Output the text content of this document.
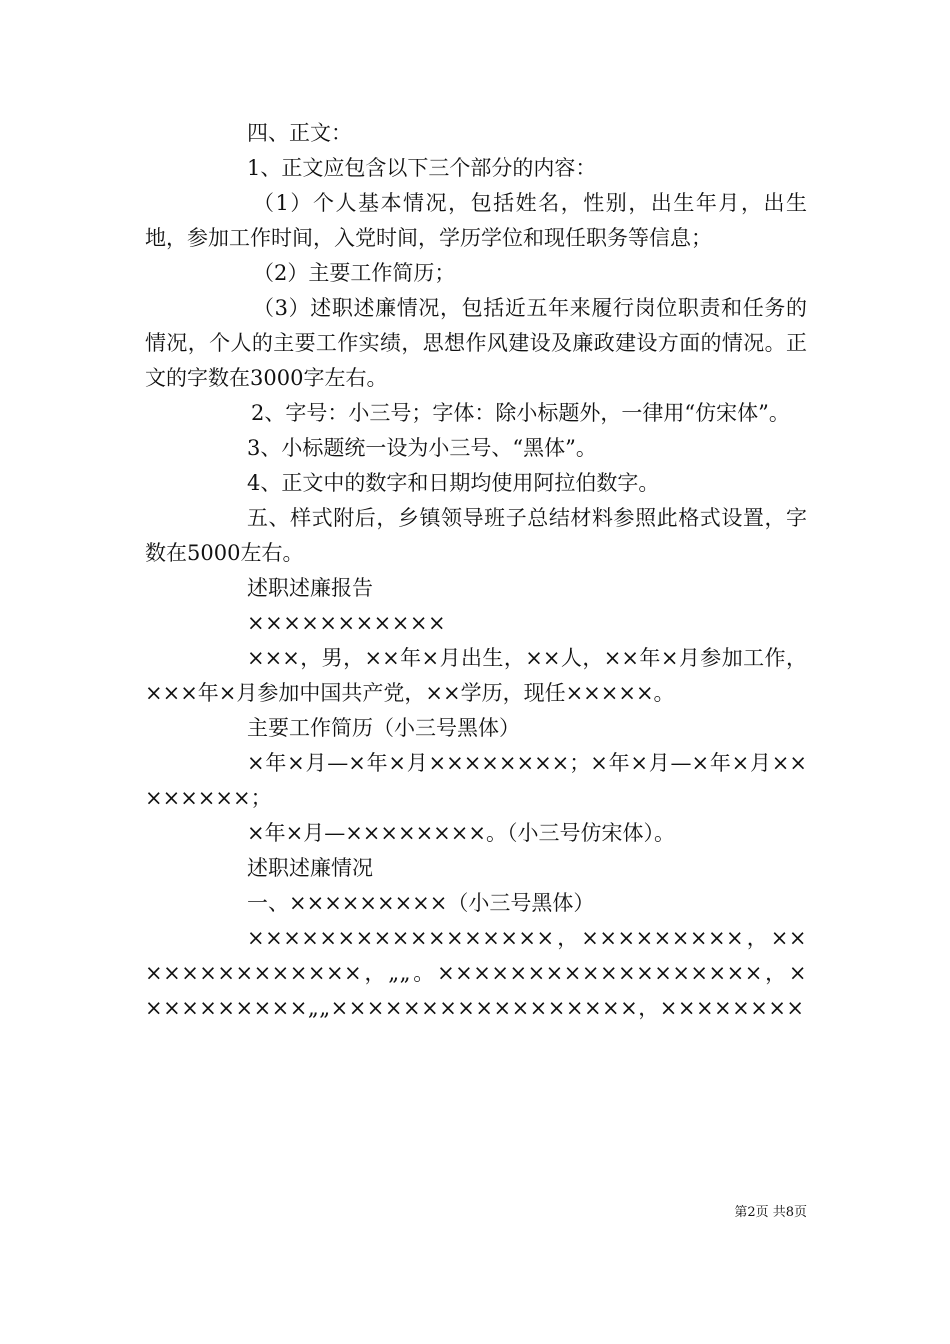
四、正文：

1、正文应包含以下三个部分的内容：

（1）个人基本情况，包括姓名，性别，出生年月，出生地，参加工作时间，入党时间，学历学位和现任职务等信息；

（2）主要工作简历；

（3）述职述廉情况，包括近五年来履行岗位职责和任务的情况，个人的主要工作实绩，思想作风建设及廉政建设方面的情况。正文的字数在3000字左右。

2、字号：小三号；字体：除小标题外，一律用“仿宋体”。

3、小标题统一设为小三号、“黑体”。

4、正文中的数字和日期均使用阿拉伯数字。

五、样式附后，乡镇领导班子总结材料参照此格式设置，字数在5000左右。

述职述廉报告

×××××××××××

×××，男，××年×月出生，××人，××年×月参加工作，×××年×月参加中国共产党，××学历，现任×××××。

主要工作简历（小三号黑体）

×年×月—×年×月××××××××；×年×月—×年×月××××××××；

×年×月—××××××××。（小三号仿宋体）。

述职述廉情况

一、×××××××××（小三号黑体）

×××××××××××××××××，×××××××××，××××××××××××××，„„。××××××××××××××××××，××××××××××„„×××××××××××××××××，××××××××

第2页 共8页
